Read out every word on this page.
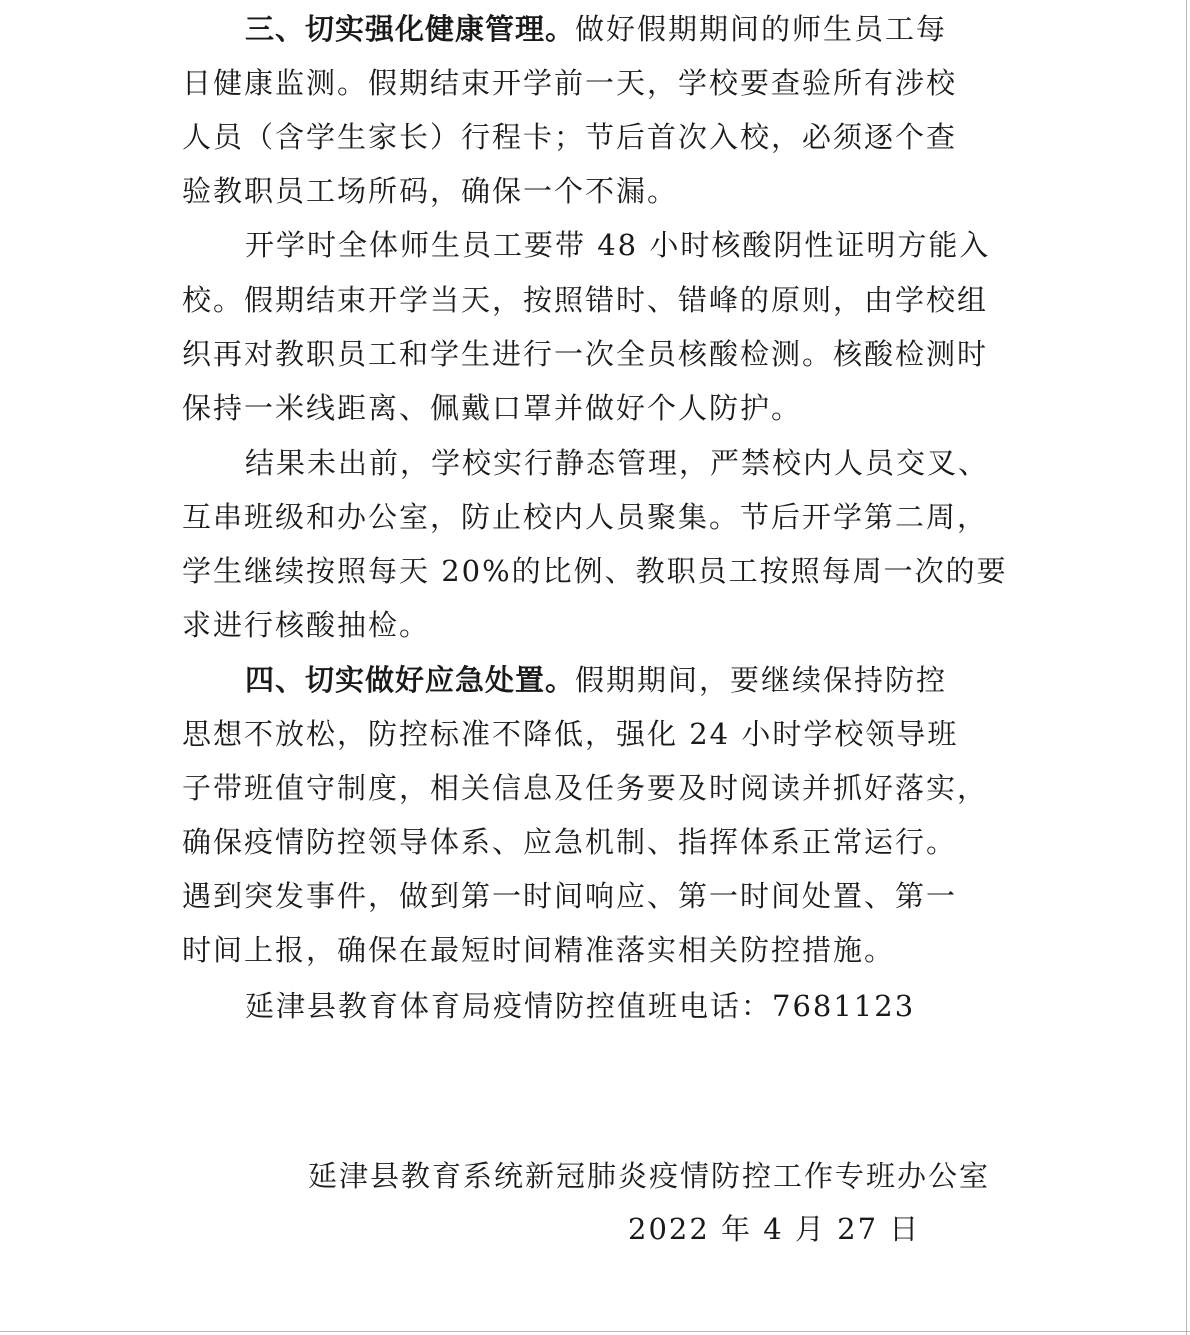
三、切实强化健康管理。做好假期期间的师生员工每
日健康监测。假期结束开学前一天，学校要查验所有涉校
人员（含学生家长）行程卡；节后首次入校，必须逐个查
验教职员工场所码，确保一个不漏。
开学时全体师生员工要带 48 小时核酸阴性证明方能入
校。假期结束开学当天，按照错时、错峰的原则，由学校组
织再对教职员工和学生进行一次全员核酸检测。核酸检测时
保持一米线距离、佩戴口罩并做好个人防护。
结果未出前，学校实行静态管理，严禁校内人员交叉、
互串班级和办公室，防止校内人员聚集。节后开学第二周，
学生继续按照每天 20%的比例、教职员工按照每周一次的要
求进行核酸抽检。
四、切实做好应急处置。假期期间，要继续保持防控
思想不放松，防控标准不降低，强化 24 小时学校领导班
子带班值守制度，相关信息及任务要及时阅读并抓好落实，
确保疫情防控领导体系、应急机制、指挥体系正常运行。
遇到突发事件，做到第一时间响应、第一时间处置、第一
时间上报，确保在最短时间精准落实相关防控措施。
延津县教育体育局疫情防控值班电话：7681123
延津县教育系统新冠肺炎疫情防控工作专班办公室
2022 年 4 月 27 日
